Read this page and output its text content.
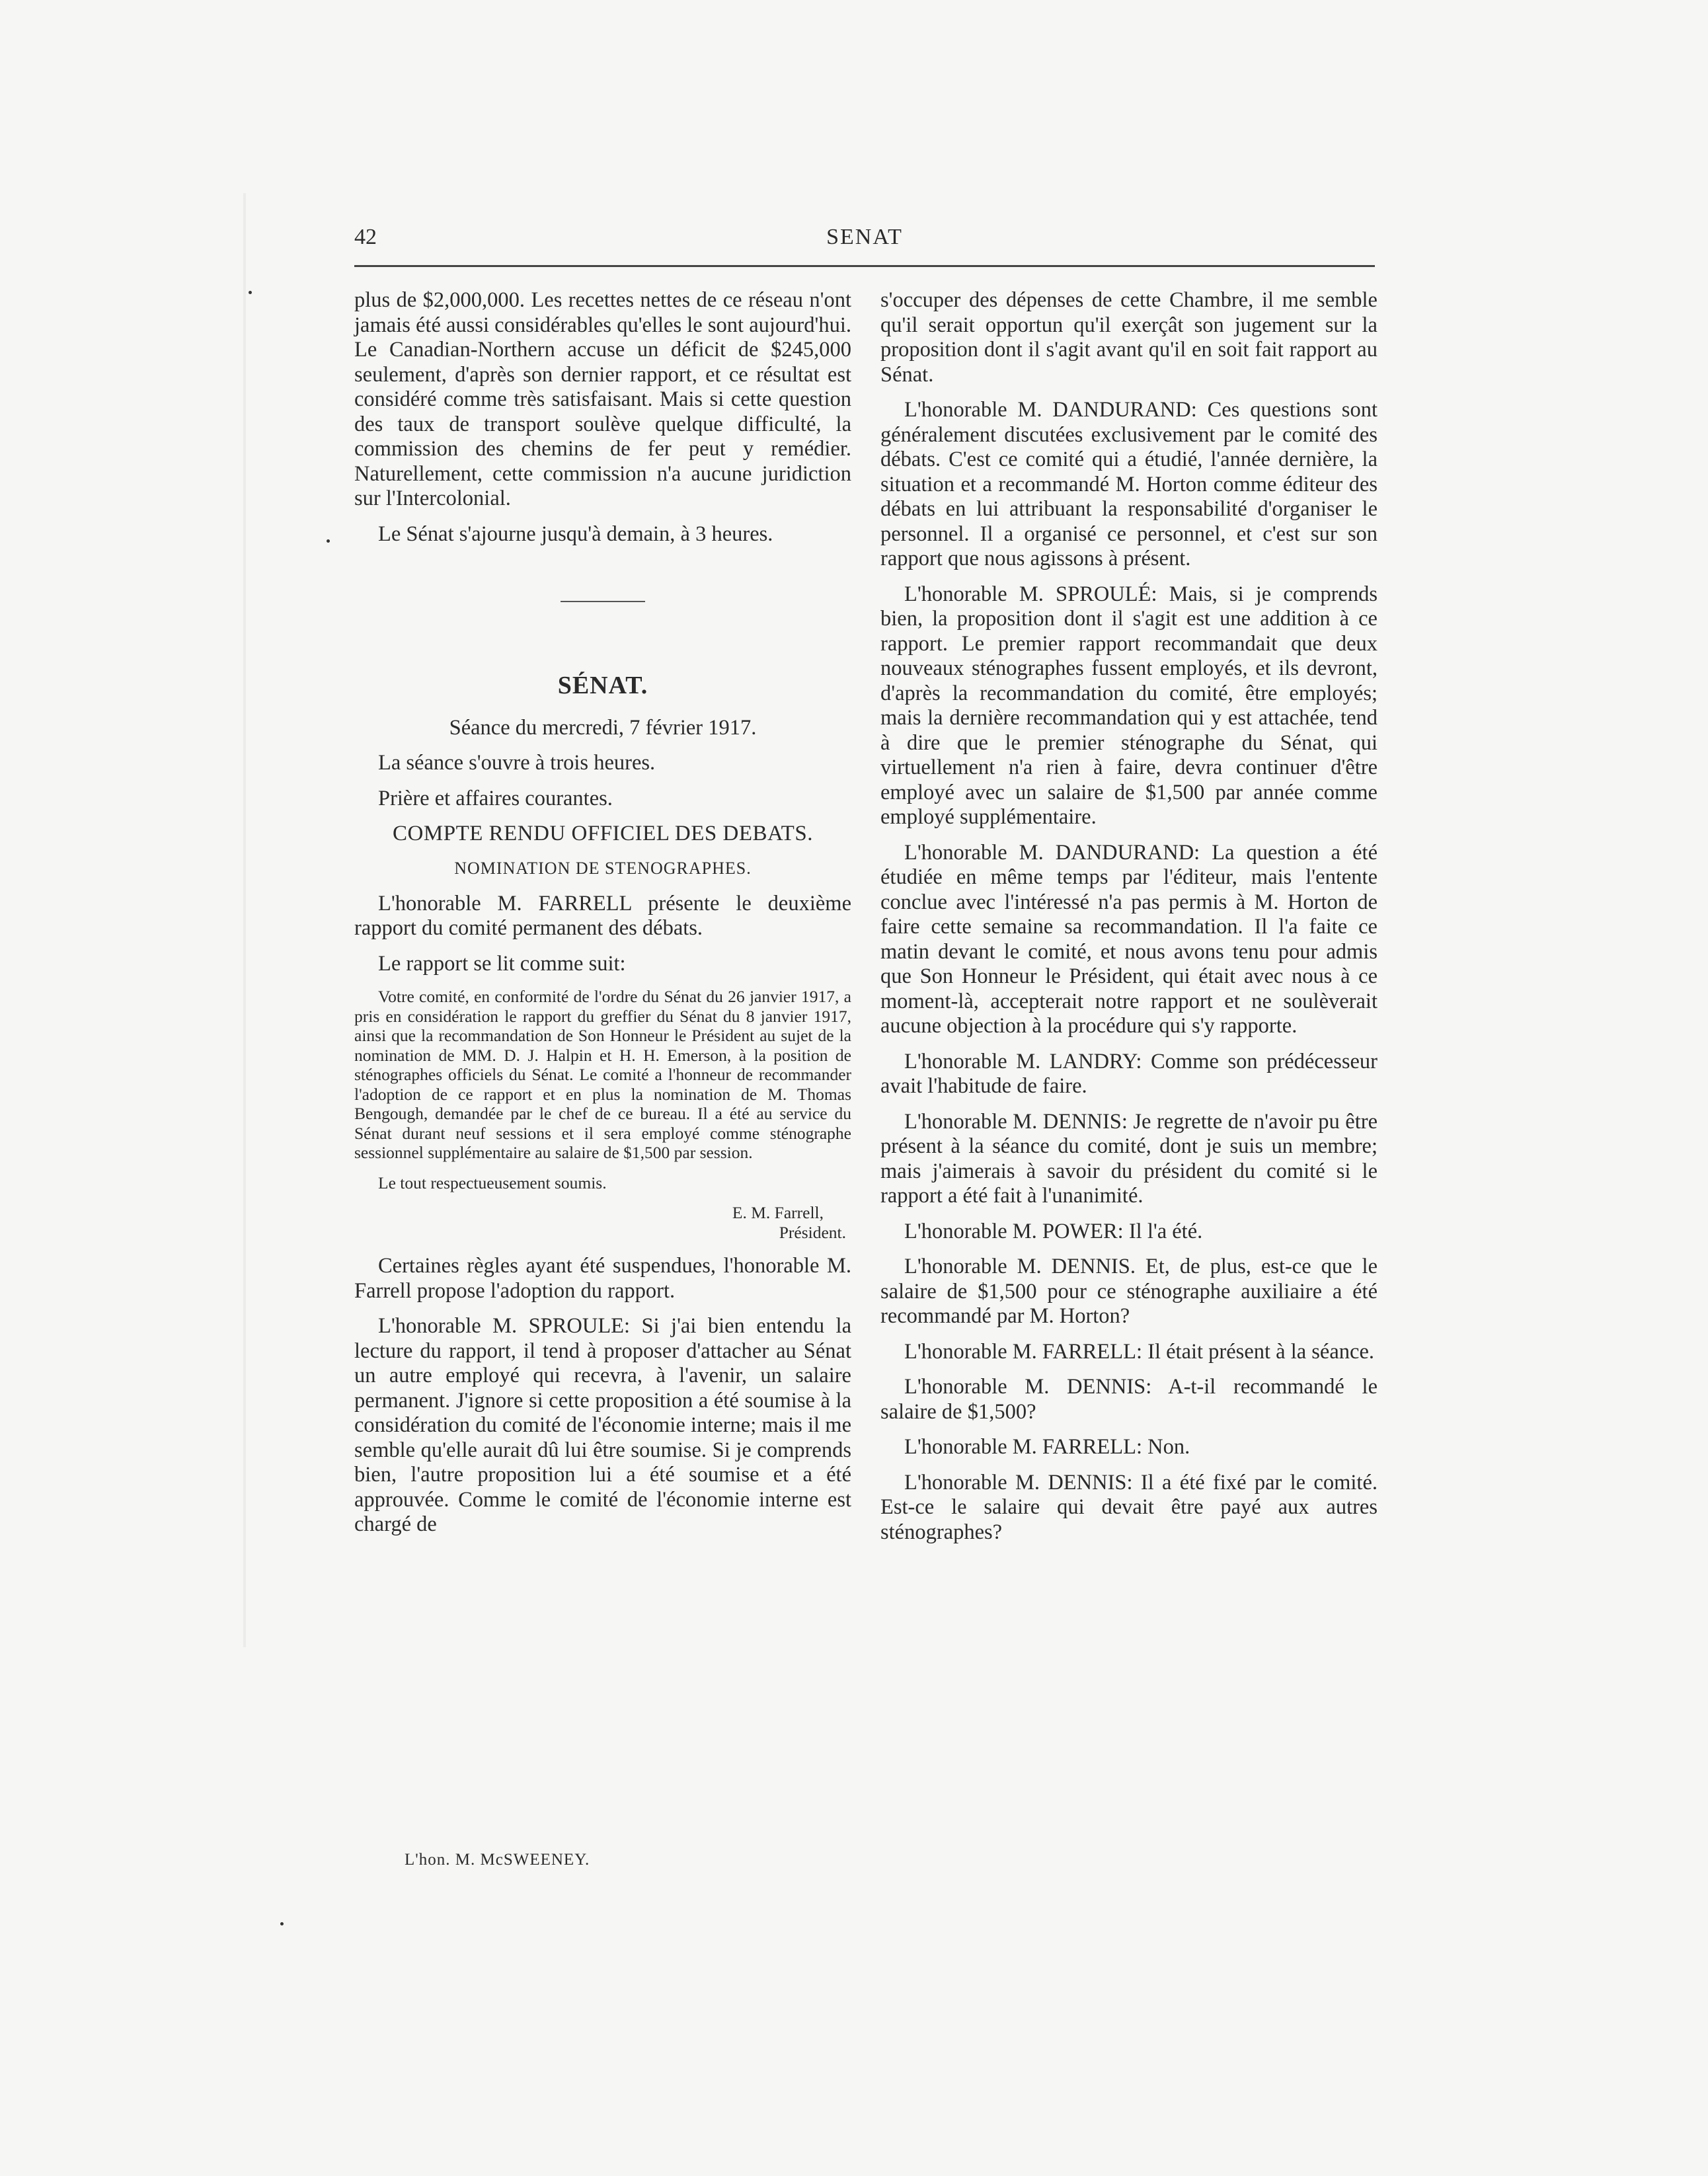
42	SENAT

plus de $2,000,000. Les recettes nettes de ce réseau n'ont jamais été aussi considérables qu'elles le sont aujourd'hui. Le Canadian-Northern accuse un déficit de $245,000 seulement, d'après son dernier rapport, et ce résultat est considéré comme très satisfaisant. Mais si cette question des taux de transport soulève quelque difficulté, la commission des chemins de fer peut y remédier. Naturellement, cette commission n'a aucune juridiction sur l'Intercolonial.

Le Sénat s'ajourne jusqu'à demain, à 3 heures.

SÉNAT.

Séance du mercredi, 7 février 1917.

La séance s'ouvre à trois heures.

Prière et affaires courantes.

COMPTE RENDU OFFICIEL DES DEBATS.

NOMINATION DE STENOGRAPHES.

L'honorable M. FARRELL présente le deuxième rapport du comité permanent des débats.

Le rapport se lit comme suit:

Votre comité, en conformité de l'ordre du Sénat du 26 janvier 1917, a pris en considération le rapport du greffier du Sénat du 8 janvier 1917, ainsi que la recommandation de Son Honneur le Président au sujet de la nomination de MM. D. J. Halpin et H. H. Emerson, à la position de sténographes officiels du Sénat. Le comité a l'honneur de recommander l'adoption de ce rapport et en plus la nomination de M. Thomas Bengough, demandée par le chef de ce bureau. Il a été au service du Sénat durant neuf sessions et il sera employé comme sténographe sessionnel supplémentaire au salaire de $1,500 par session.

Le tout respectueusement soumis.

E. M. Farrell,
Président.

Certaines règles ayant été suspendues, l'honorable M. Farrell propose l'adoption du rapport.

L'honorable M. SPROULE: Si j'ai bien entendu la lecture du rapport, il tend à proposer d'attacher au Sénat un autre employé qui recevra, à l'avenir, un salaire permanent. J'ignore si cette proposition a été soumise à la considération du comité de l'économie interne; mais il me semble qu'elle aurait dû lui être soumise. Si je comprends bien, l'autre proposition lui a été soumise et a été approuvée. Comme le comité de l'économie interne est chargé de

L'hon. M. McSWEENEY.

s'occuper des dépenses de cette Chambre, il me semble qu'il serait opportun qu'il exerçât son jugement sur la proposition dont il s'agit avant qu'il en soit fait rapport au Sénat.

L'honorable M. DANDURAND: Ces questions sont généralement discutées exclusivement par le comité des débats. C'est ce comité qui a étudié, l'année dernière, la situation et a recommandé M. Horton comme éditeur des débats en lui attribuant la responsabilité d'organiser le personnel. Il a organisé ce personnel, et c'est sur son rapport que nous agissons à présent.

L'honorable M. SPROULÉ: Mais, si je comprends bien, la proposition dont il s'agit est une addition à ce rapport. Le premier rapport recommandait que deux nouveaux sténographes fussent employés, et ils devront, d'après la recommandation du comité, être employés; mais la dernière recommandation qui y est attachée, tend à dire que le premier sténographe du Sénat, qui virtuellement n'a rien à faire, devra continuer d'être employé avec un salaire de $1,500 par année comme employé supplémentaire.

L'honorable M. DANDURAND: La question a été étudiée en même temps par l'éditeur, mais l'entente conclue avec l'intéressé n'a pas permis à M. Horton de faire cette semaine sa recommandation. Il l'a faite ce matin devant le comité, et nous avons tenu pour admis que Son Honneur le Président, qui était avec nous à ce moment-là, accepterait notre rapport et ne soulèverait aucune objection à la procédure qui s'y rapporte.

L'honorable M. LANDRY: Comme son prédécesseur avait l'habitude de faire.

L'honorable M. DENNIS: Je regrette de n'avoir pu être présent à la séance du comité, dont je suis un membre; mais j'aimerais à savoir du président du comité si le rapport a été fait à l'unanimité.

L'honorable M. POWER: Il l'a été.

L'honorable M. DENNIS. Et, de plus, est-ce que le salaire de $1,500 pour ce sténographe auxiliaire a été recommandé par M. Horton?

L'honorable M. FARRELL: Il était présent à la séance.

L'honorable M. DENNIS: A-t-il recommandé le salaire de $1,500?

L'honorable M. FARRELL: Non.

L'honorable M. DENNIS: Il a été fixé par le comité. Est-ce le salaire qui devait être payé aux autres sténographes?
